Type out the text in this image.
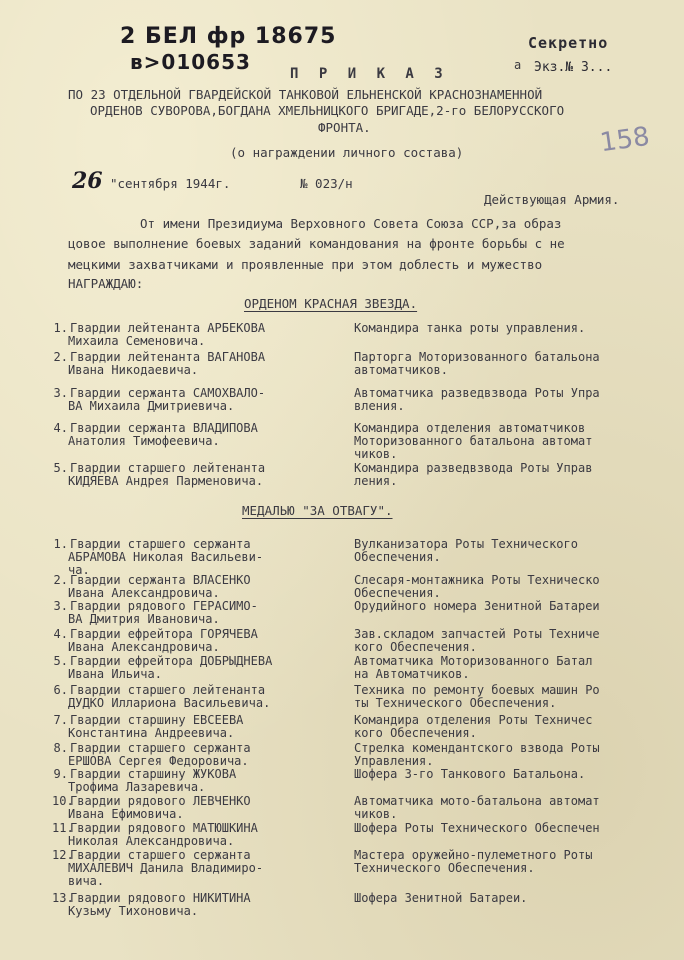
2 БЕЛ фр 18675
в>010653
Секретно
а Экз.№ 3...
158
П Р И К А З
ПО 23 ОТДЕЛЬНОЙ ГВАРДЕЙСКОЙ ТАНКОВОЙ ЕЛЬНЕНСКОЙ КРАСНОЗНАМЕННОЙ
ОРДЕНОВ СУВОРОВА,БОГДАНА ХМЕЛЬНИЦКОГО БРИГАДЕ,2-го БЕЛОРУССКОГО
ФРОНТА.
(о награждении личного состава)
26 "сентября 1944г.	№ 023/н
Действующая Армия.
От имени Президиума Верховного Совета Союза ССР,за образ
цовое выполнение боевых заданий командования на фронте борьбы с не
мецкими захватчиками и проявленные при этом доблесть и мужество
НАГРАЖДАЮ:
ОРДЕНОМ КРАСНАЯ ЗВЕЗДА.
МЕДАЛЬЮ "ЗА ОТВАГУ".
1. Гвардии лейтенанта АРБЕКОВА
Михаила Семеновича.
Командира танка роты управления.
2. Гвардии лейтенанта ВАГАНОВА
Ивана Никодаевича.
Парторга Моторизованного батальона
автоматчиков.
3. Гвардии сержанта САМОХВАЛО-
ВА Михаила Дмитриевича.
Автоматчика разведвзвода Роты Упра
вления.
4. Гвардии сержанта ВЛАДИПОВА
Анатолия Тимофеевича.
Командира отделения автоматчиков
Моторизованного батальона автомат
чиков.
5. Гвардии старшего лейтенанта
КИДЯЕВА Андрея Парменовича.
Командира разведвзвода Роты Управ
ления.
1. Гвардии старшего сержанта
АБРАМОВА Николая Васильеви-
ча.
Вулканизатора Роты Технического
Обеспечения.
2. Гвардии сержанта ВЛАСЕНКО
Ивана Александровича.
Слесаря-монтажника Роты Техническо
Обеспечения.
3. Гвардии рядового ГЕРАСИМО-
ВА Дмитрия Ивановича.
Орудийного номера Зенитной Батареи
4. Гвардии ефрейтора ГОРЯЧЕВА
Ивана Александровича.
Зав.складом запчастей Роты Техниче
кого Обеспечения.
5. Гвардии ефрейтора ДОБРЫДНЕВА
Ивана Ильича.
Автоматчика Моторизованного Батал
на Автоматчиков.
6. Гвардии старшего лейтенанта
ДУДКО Илларионa Васильевича.
Техника по ремонту боевых машин Ро
ты Технического Обеспечения.
7. Гвардии старшину ЕВСЕЕВА
Константина Андреевича.
Командира отделения Роты Техничес
кого Обеспечения.
8. Гвардии старшего сержанта
ЕРШОВА Сергея Федоровича.
Стрелка комендантского взвода Роты
Управления.
9. Гвардии старшину ЖУКОВА
Трофима Лазаревича.
Шофера 3-го Танкового Батальона.
10.
Гвардии рядового ЛЕВЧЕНКО
Ивана Ефимовича.
Автоматчика мото-батальона автомат
чиков.
11.
Гвардии рядового МАТЮШКИНА
Николая Александровича.
Шофера Роты Технического Обеспечен
12.
Гвардии старшего сержанта
МИХАЛЕВИЧ Данила Владимиро-
вича.
Мастера оружейно-пулеметного Роты
Технического Обеспечения.
13.
Гвардии рядового НИКИТИНА
Кузьму Тихоновича.
Шофера Зенитной Батареи.
